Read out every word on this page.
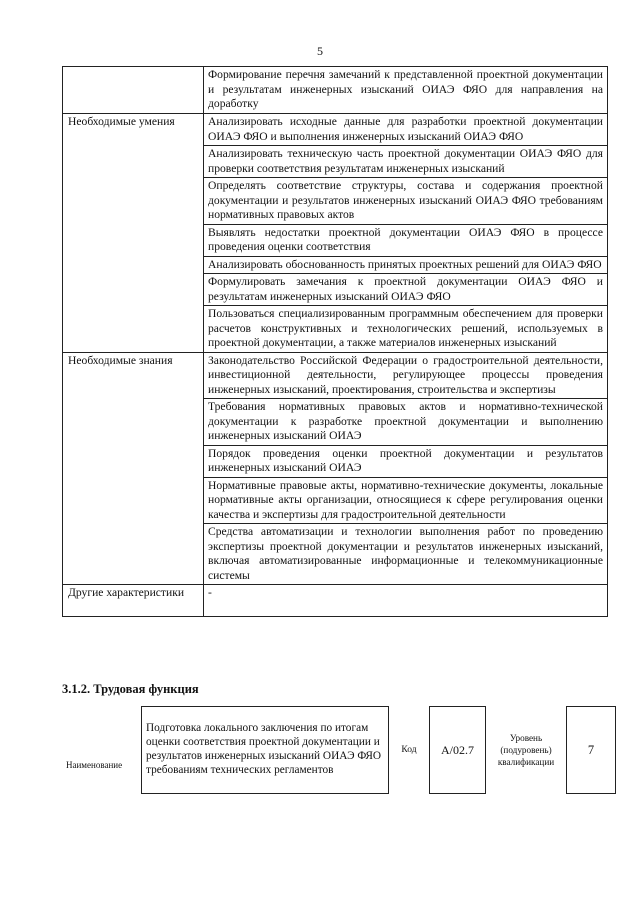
5
	Формирование перечня замечаний к представленной проектной документации и результатам инженерных изысканий ОИАЭ ФЯО для направления на доработку
Необходимые умения	Анализировать исходные данные для разработки проектной документации ОИАЭ ФЯО и выполнения инженерных изысканий ОИАЭ ФЯО
	Анализировать техническую часть проектной документации ОИАЭ ФЯО для проверки соответствия результатам инженерных изысканий
	Определять соответствие структуры, состава и содержания проектной документации и результатов инженерных изысканий ОИАЭ ФЯО требованиям нормативных правовых актов
	Выявлять недостатки проектной документации ОИАЭ ФЯО в процессе проведения оценки соответствия
	Анализировать обоснованность принятых проектных решений для ОИАЭ ФЯО
	Формулировать замечания к проектной документации ОИАЭ ФЯО и результатам инженерных изысканий ОИАЭ ФЯО
	Пользоваться специализированным программным обеспечением для проверки расчетов конструктивных и технологических решений, используемых в проектной документации, а также материалов инженерных изысканий
Необходимые знания	Законодательство Российской Федерации о градостроительной деятельности, инвестиционной деятельности, регулирующее процессы проведения инженерных изысканий, проектирования, строительства и экспертизы
	Требования нормативных правовых актов и нормативно-технической документации к разработке проектной документации и выполнению инженерных изысканий ОИАЭ
	Порядок проведения оценки проектной документации и результатов инженерных изысканий ОИАЭ
	Нормативные правовые акты, нормативно-технические документы, локальные нормативные акты организации, относящиеся к сфере регулирования оценки качества и экспертизы для градостроительной деятельности
	Средства автоматизации и технологии выполнения работ по проведению экспертизы проектной документации и результатов инженерных изысканий, включая автоматизированные информационные и телекоммуникационные системы
Другие характеристики	-
3.1.2. Трудовая функция
Наименование	Подготовка локального заключения по итогам оценки соответствия проектной документации и результатов инженерных изысканий ОИАЭ ФЯО требованиям технических регламентов	Код	А/02.7	Уровень (подуровень) квалификации	7
